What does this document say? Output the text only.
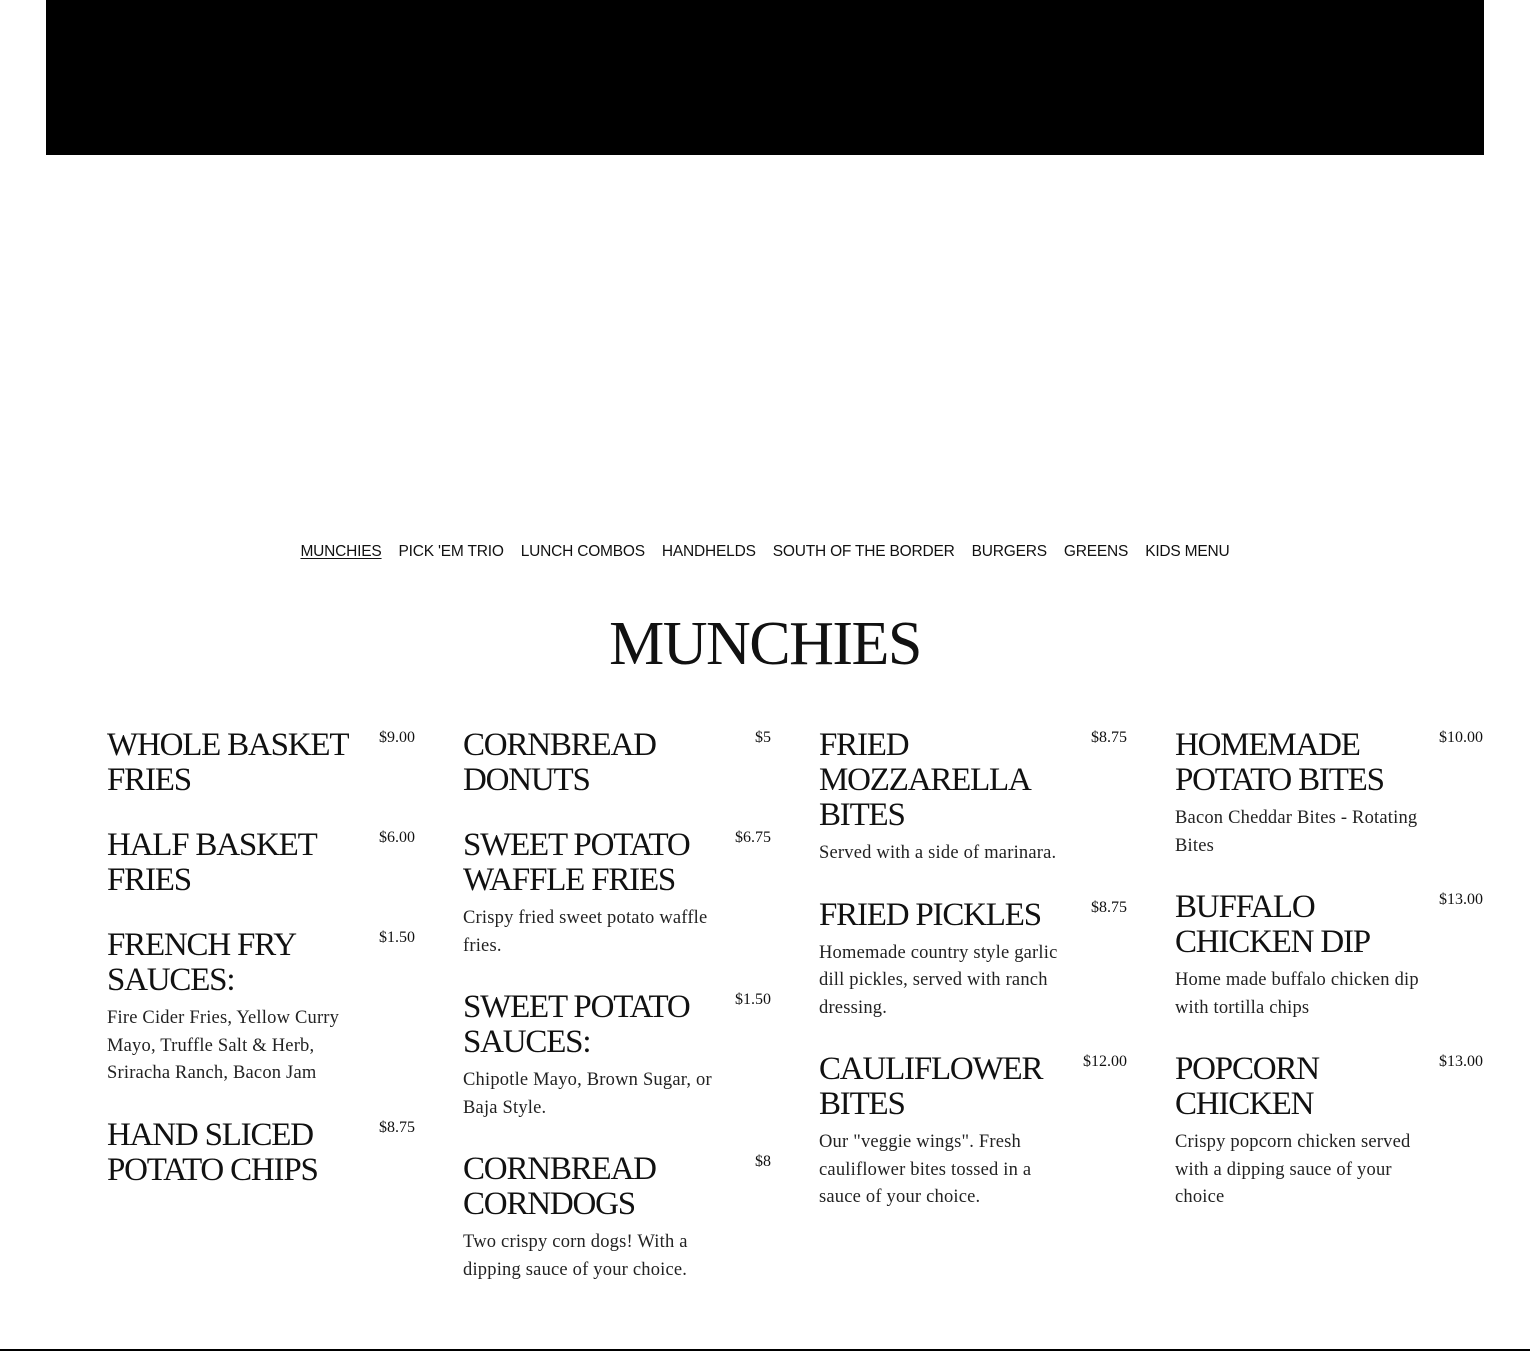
MUNCHIES PICK 'EM TRIO LUNCH COMBOS HANDHELDS SOUTH OF THE BORDER BURGERS GREENS KIDS MENU
MUNCHIES
WHOLE BASKET FRIES
$9.00
HALF BASKET FRIES
$6.00
FRENCH FRY SAUCES:
$1.50
Fire Cider Fries, Yellow Curry Mayo, Truffle Salt & Herb, Sriracha Ranch, Bacon Jam
HAND SLICED POTATO CHIPS
$8.75
CORNBREAD DONUTS
$5
SWEET POTATO WAFFLE FRIES
$6.75
Crispy fried sweet potato waffle fries.
SWEET POTATO SAUCES:
$1.50
Chipotle Mayo, Brown Sugar, or Baja Style.
CORNBREAD CORNDOGS
$8
Two crispy corn dogs! With a dipping sauce of your choice.
FRIED MOZZARELLA BITES
$8.75
Served with a side of marinara.
FRIED PICKLES	$8.75
Homemade country style garlic dill pickles, served with ranch dressing.
CAULIFLOWER BITES
$12.00
Our "veggie wings". Fresh cauliflower bites tossed in a sauce of your choice.
HOMEMADE POTATO BITES
$10.00
Bacon Cheddar Bites - Rotating Bites
BUFFALO CHICKEN DIP
$13.00
Home made buffalo chicken dip with tortilla chips
POPCORN CHICKEN
$13.00
Crispy popcorn chicken served with a dipping sauce of your choice
